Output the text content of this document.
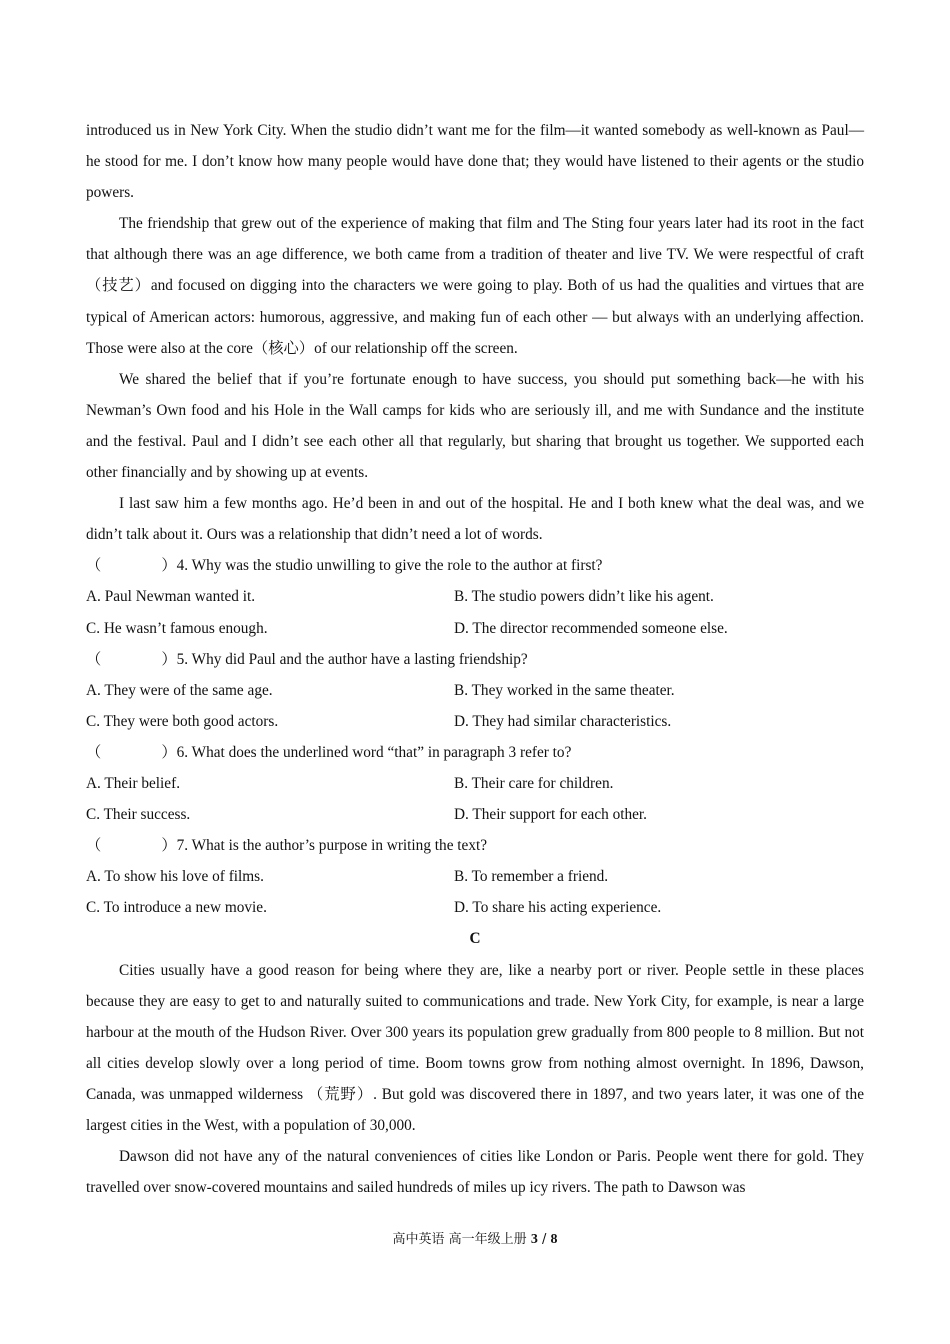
introduced us in New York City. When the studio didn’t want me for the film—it wanted somebody as well-known as Paul—he stood for me. I don’t know how many people would have done that; they would have listened to their agents or the studio powers.

The friendship that grew out of the experience of making that film and The Sting four years later had its root in the fact that although there was an age difference, we both came from a tradition of theater and live TV. We were respectful of craft（技艺）and focused on digging into the characters we were going to play. Both of us had the qualities and virtues that are typical of American actors: humorous, aggressive, and making fun of each other — but always with an underlying affection. Those were also at the core（核心）of our relationship off the screen.

We shared the belief that if you’re fortunate enough to have success, you should put something back—he with his Newman’s Own food and his Hole in the Wall camps for kids who are seriously ill, and me with Sundance and the institute and the festival. Paul and I didn’t see each other all that regularly, but sharing that brought us together. We supported each other financially and by showing up at events.

I last saw him a few months ago. He’d been in and out of the hospital. He and I both knew what the deal was, and we didn’t talk about it. Ours was a relationship that didn’t need a lot of words.

（	） 4. Why was the studio unwilling to give the role to the author at first?

A. Paul Newman wanted it.	B. The studio powers didn’t like his agent.
C. He wasn’t famous enough.	D. The director recommended someone else.

（	） 5. Why did Paul and the author have a lasting friendship?

A. They were of the same age.	B. They worked in the same theater.
C. They were both good actors.	D. They had similar characteristics.

（	） 6. What does the underlined word “that” in paragraph 3 refer to?

A. Their belief.	B. Their care for children.
C. Their success.	D. Their support for each other.

（	） 7. What is the author’s purpose in writing the text?

A. To show his love of films.	B. To remember a friend.
C. To introduce a new movie.	D. To share his acting experience.

C

Cities usually have a good reason for being where they are, like a nearby port or river. People settle in these places because they are easy to get to and naturally suited to communications and trade. New York City, for example, is near a large harbour at the mouth of the Hudson River. Over 300 years its population grew gradually from 800 people to 8 million. But not all cities develop slowly over a long period of time. Boom towns grow from nothing almost overnight. In 1896, Dawson, Canada, was unmapped wilderness （荒野）. But gold was discovered there in 1897, and two years later, it was one of the largest cities in the West, with a population of 30,000.

Dawson did not have any of the natural conveniences of cities like London or Paris. People went there for gold. They travelled over snow-covered mountains and sailed hundreds of miles up icy rivers. The path to Dawson was

高中英语 高一年级上册 3 / 8
